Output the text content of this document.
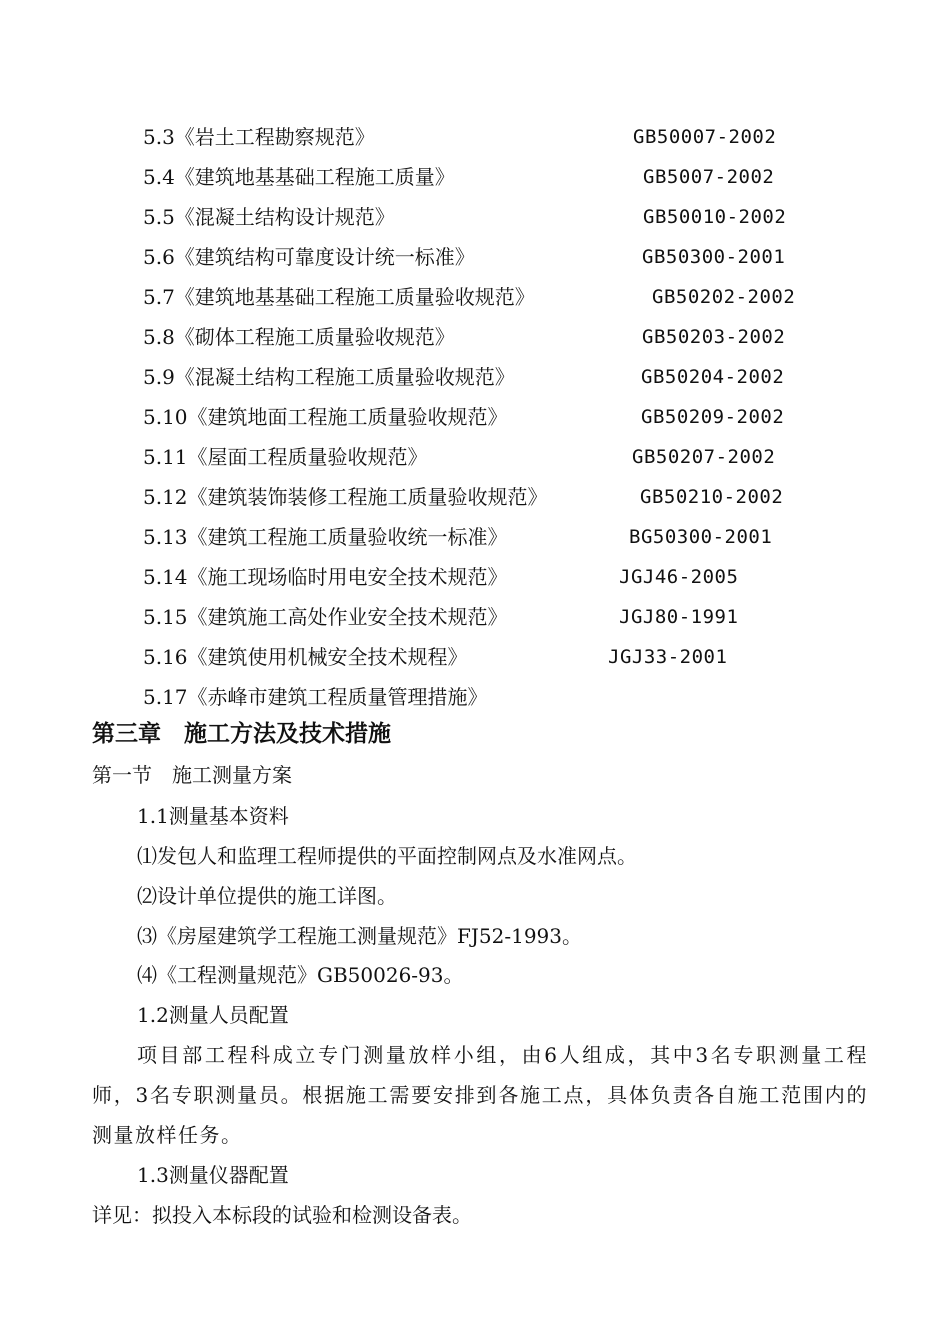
5.3《岩土工程勘察规范》	GB50007-2002
5.4《建筑地基基础工程施工质量》	GB5007-2002
5.5《混凝土结构设计规范》	GB50010-2002
5.6《建筑结构可靠度设计统一标准》	GB50300-2001
5.7《建筑地基基础工程施工质量验收规范》	GB50202-2002
5.8《砌体工程施工质量验收规范》	GB50203-2002
5.9《混凝土结构工程施工质量验收规范》	GB50204-2002
5.10《建筑地面工程施工质量验收规范》	GB50209-2002
5.11《屋面工程质量验收规范》	GB50207-2002
5.12《建筑装饰装修工程施工质量验收规范》	GB50210-2002
5.13《建筑工程施工质量验收统一标准》	BG50300-2001
5.14《施工现场临时用电安全技术规范》	JGJ46-2005
5.15《建筑施工高处作业安全技术规范》	JGJ80-1991
5.16《建筑使用机械安全技术规程》	JGJ33-2001
5.17《赤峰市建筑工程质量管理措施》
第三章　施工方法及技术措施
第一节　施工测量方案
1.1测量基本资料
⑴发包人和监理工程师提供的平面控制网点及水准网点。
⑵设计单位提供的施工详图。
⑶《房屋建筑学工程施工测量规范》FJ52-1993。
⑷《工程测量规范》GB50026-93。
1.2测量人员配置
项目部工程科成立专门测量放样小组，由6人组成，其中3名专职测量工程师，3名专职测量员。根据施工需要安排到各施工点，具体负责各自施工范围内的测量放样任务。
1.3测量仪器配置
详见：拟投入本标段的试验和检测设备表。
